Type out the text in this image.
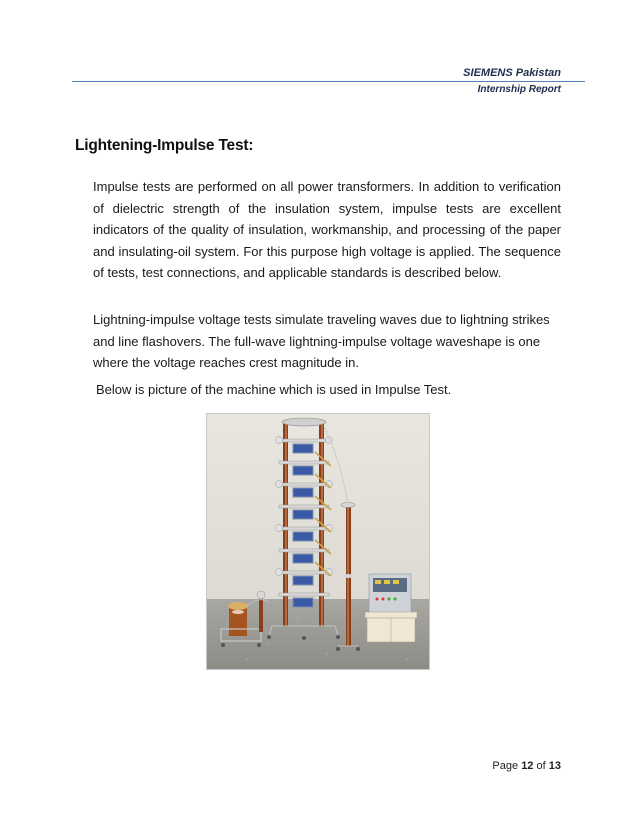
SIEMENS Pakistan
Internship Report
Lightening-Impulse Test:

Impulse tests are performed on all power transformers. In addition to verification of dielectric strength of the insulation system, impulse tests are excellent indicators of the quality of insulation, workmanship, and processing of the paper and insulating-oil system. For this purpose high voltage is applied. The sequence of tests, test connections, and applicable standards is described below.

Lightning-impulse voltage tests simulate traveling waves due to lightning strikes and line flashovers. The full-wave lightning-impulse voltage waveshape is one where the voltage reaches crest magnitude in.

Below is picture of the machine which is used in Impulse Test.

Page 12 of 13
